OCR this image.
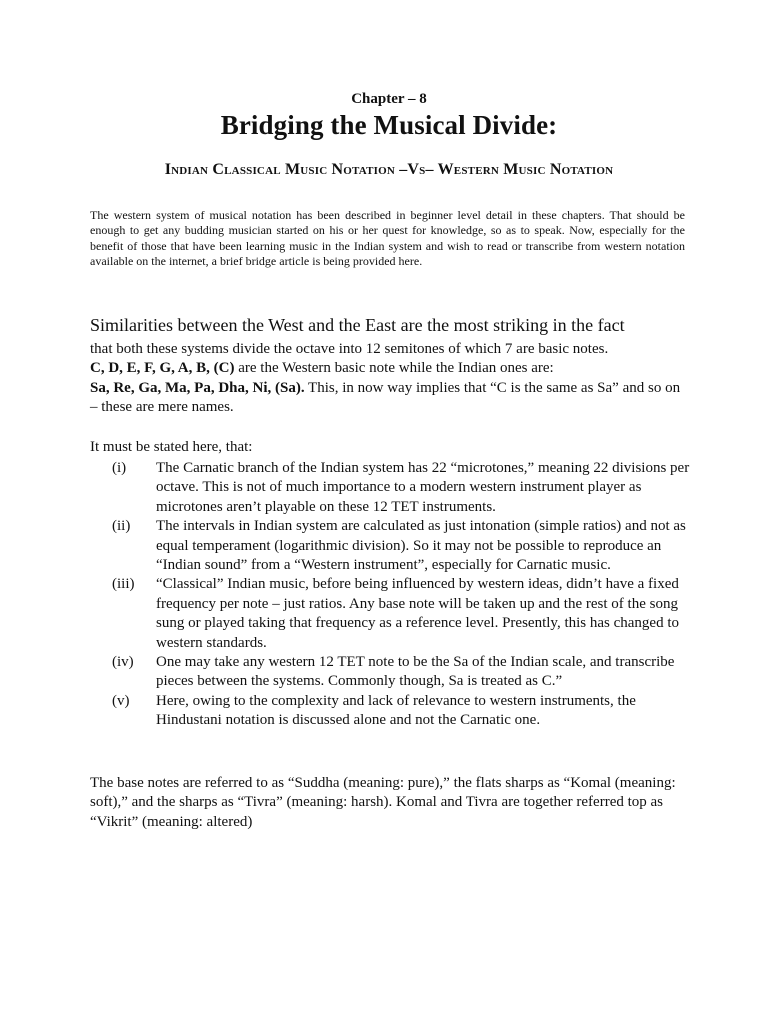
Chapter – 8
Bridging the Musical Divide:
Indian Classical Music Notation –Vs– Western Music Notation
The western system of musical notation has been described in beginner level detail in these chapters. That should be enough to get any budding musician started on his or her quest for knowledge, so as to speak. Now, especially for the benefit of those that have been learning music in the Indian system and wish to read or transcribe from western notation available on the internet, a brief bridge article is being provided here.
Similarities between the West and the East are the most striking in the fact
that both these systems divide the octave into 12 semitones of which 7 are basic notes.
C, D, E, F, G, A, B, (C) are the Western basic note while the Indian ones are:
Sa, Re, Ga, Ma, Pa, Dha, Ni, (Sa). This, in now way implies that “C is the same as Sa” and so on – these are mere names.
It must be stated here, that:
(i)	The Carnatic branch of the Indian system has 22 “microtones,” meaning 22 divisions per octave. This is not of much importance to a modern western instrument player as microtones aren’t playable on these 12 TET instruments.
(ii)	The intervals in Indian system are calculated as just intonation (simple ratios) and not as equal temperament (logarithmic division). So it may not be possible to reproduce an “Indian sound” from a “Western instrument”, especially for Carnatic music.
(iii)	“Classical” Indian music, before being influenced by western ideas, didn’t have a fixed frequency per note – just ratios. Any base note will be taken up and the rest of the song sung or played taking that frequency as a reference level. Presently, this has changed to western standards.
(iv)	One may take any western 12 TET note to be the Sa of the Indian scale, and transcribe pieces between the systems. Commonly though, Sa is treated as C.”
(v)	Here, owing to the complexity and lack of relevance to western instruments, the Hindustani notation is discussed alone and not the Carnatic one.
The base notes are referred to as “Suddha (meaning: pure),” the flats sharps as “Komal (meaning: soft),” and the sharps as “Tivra” (meaning: harsh). Komal and Tivra are together referred top as “Vikrit” (meaning: altered)
